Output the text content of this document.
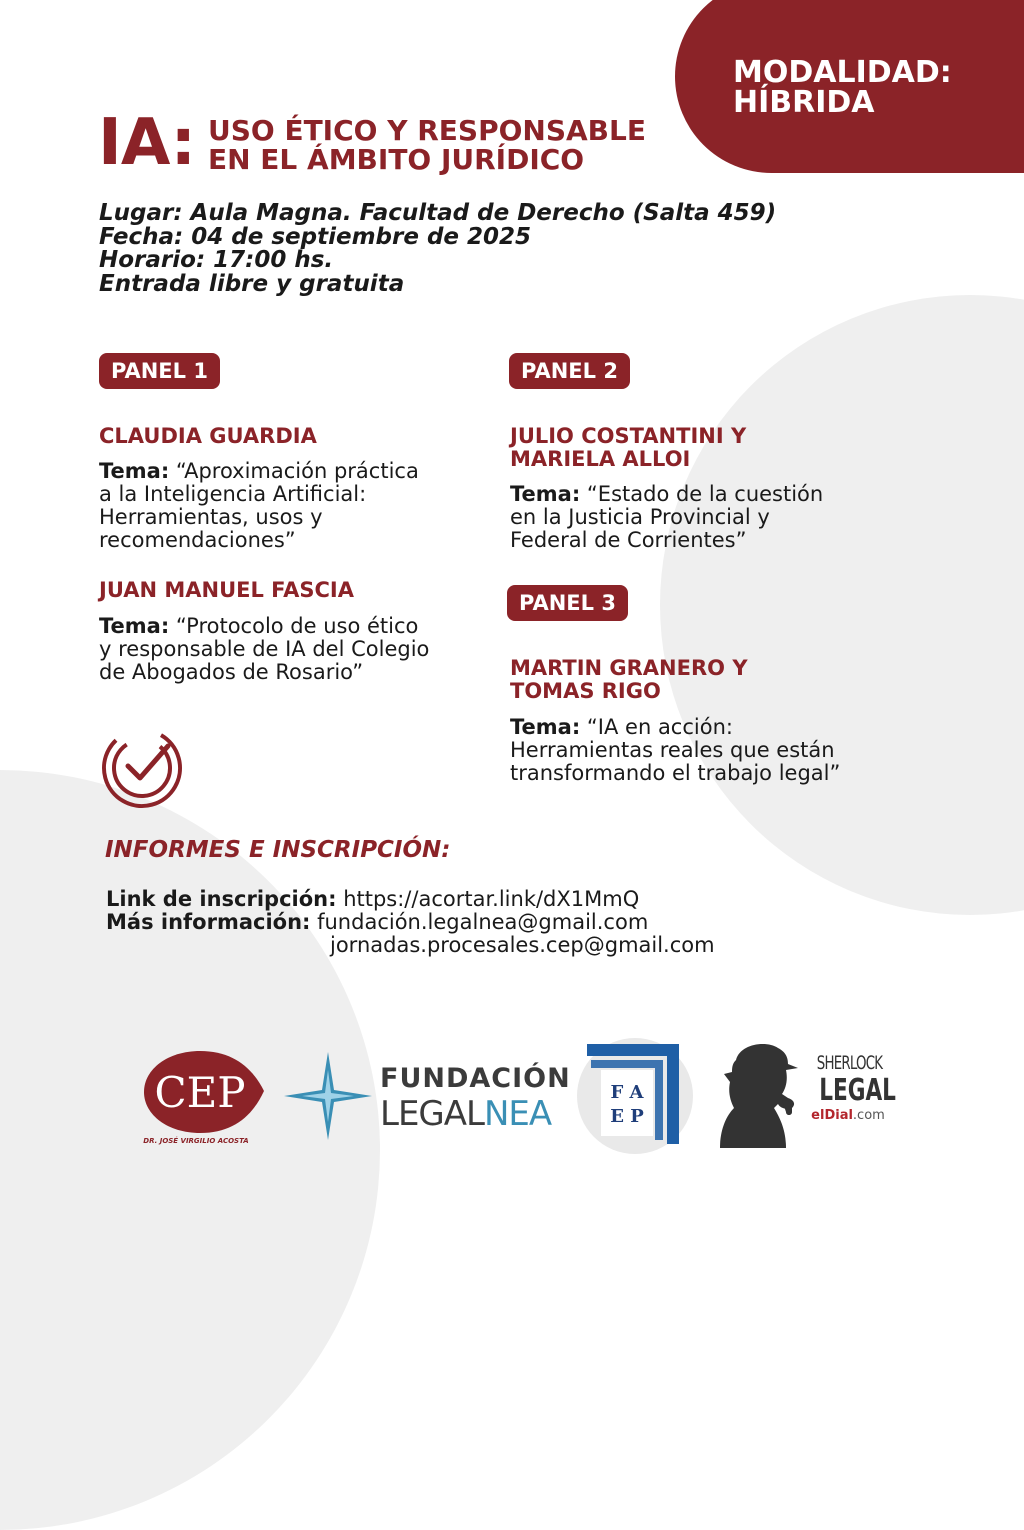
MODALIDAD:
HÍBRIDA
IA: USO ÉTICO Y RESPONSABLE
EN EL ÁMBITO JURÍDICO
Lugar: Aula Magna. Facultad de Derecho (Salta 459)
Fecha: 04 de septiembre de 2025
Horario: 17:00 hs.
Entrada libre y gratuita
PANEL 1
CLAUDIA GUARDIA
Tema: “Aproximación práctica
a la Inteligencia Artificial:
Herramientas, usos y
recomendaciones”
JUAN MANUEL FASCIA
Tema: “Protocolo de uso ético
y responsable de IA del Colegio
de Abogados de Rosario”
PANEL 2
JULIO COSTANTINI Y
MARIELA ALLOI
Tema: “Estado de la cuestión
en la Justicia Provincial y
Federal de Corrientes”
PANEL 3
MARTIN GRANERO Y
TOMAS RIGO
Tema: “IA en acción:
Herramientas reales que están
transformando el trabajo legal”
INFORMES E INSCRIPCIÓN:
Link de inscripción: https://acortar.link/dX1MmQ
Más información: fundación.legalnea@gmail.com
jornadas.procesales.cep@gmail.com
CEP
DR. JOSÉ VIRGILIO ACOSTA
FUNDACIÓN
LEGALNEA
F A
E P
SHERLOCK
LEGAL
elDial.com
